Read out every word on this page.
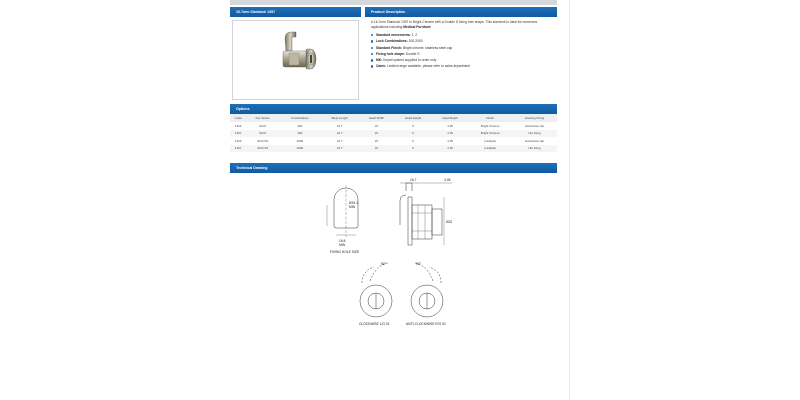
16.7mm Slamlock 1397	Product Description

A 16.7mm Slamlock 1397 in Bright Chrome with a Double D fixing hole shape. This slamlock is ideal for numerous applications including Medical Furniture

Standard movements: 1, 2
Lock Combinations: 200-2000
Standard Finish: Bright chrome, stainless steel cap
Fixing hole shape: Double D
MK: Keyed system supplied to order only
Cams: Limited range available, please refer to sales department
Options
Code	Key Series	Combinations	Body Length	Head Width	Head Height	Head Depth	Finish	Housing Fixing
1323	92-M	200	16.7	22	6	4.35	Bright Chrome	Horseshoe clip
1397	92-M	200	16.7	22	6	4.35	Bright Chrome	Nut fixing
1423	90-0716	2000	16.7	22	6	4.35	(multiple)	Horseshoe clip
1497	90-0716	2000	16.7	22	6	4.35	(multiple)	Nut fixing
Technical Drawing
16.7	4.35
Ø19.1
MIN
16.6
MIN
Ø22
FIXING HOLE SIZE
90°	90°
CLOCKWISE L/G 01	ANTI-CLOCKWISE R/G 02
